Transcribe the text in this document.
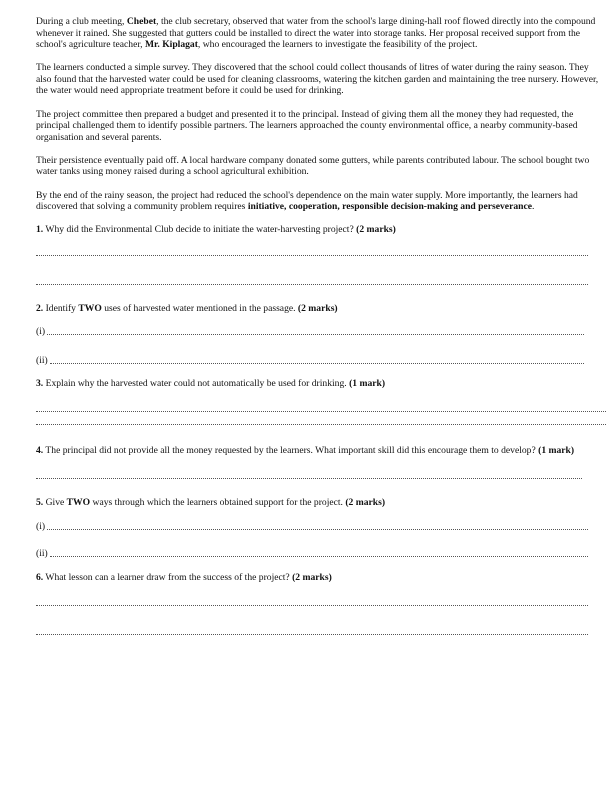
During a club meeting, Chebet, the club secretary, observed that water from the school's large dining-hall roof flowed directly into the compound whenever it rained. She suggested that gutters could be installed to direct the water into storage tanks. Her proposal received support from the school's agriculture teacher, Mr. Kiplagat, who encouraged the learners to investigate the feasibility of the project.

The learners conducted a simple survey. They discovered that the school could collect thousands of litres of water during the rainy season. They also found that the harvested water could be used for cleaning classrooms, watering the kitchen garden and maintaining the tree nursery. However, the water would need appropriate treatment before it could be used for drinking.

The project committee then prepared a budget and presented it to the principal. Instead of giving them all the money they had requested, the principal challenged them to identify possible partners. The learners approached the county environmental office, a nearby community-based organisation and several parents.

Their persistence eventually paid off. A local hardware company donated some gutters, while parents contributed labour. The school bought two water tanks using money raised during a school agricultural exhibition.

By the end of the rainy season, the project had reduced the school's dependence on the main water supply. More importantly, the learners had discovered that solving a community problem requires initiative, cooperation, responsible decision-making and perseverance.

1. Why did the Environmental Club decide to initiate the water-harvesting project? (2 marks)

2. Identify TWO uses of harvested water mentioned in the passage. (2 marks)

(i)
(ii)

3. Explain why the harvested water could not automatically be used for drinking. (1 mark)

4. The principal did not provide all the money requested by the learners. What important skill did this encourage them to develop? (1 mark)

5. Give TWO ways through which the learners obtained support for the project. (2 marks)

(i)
(ii)

6. What lesson can a learner draw from the success of the project? (2 marks)
